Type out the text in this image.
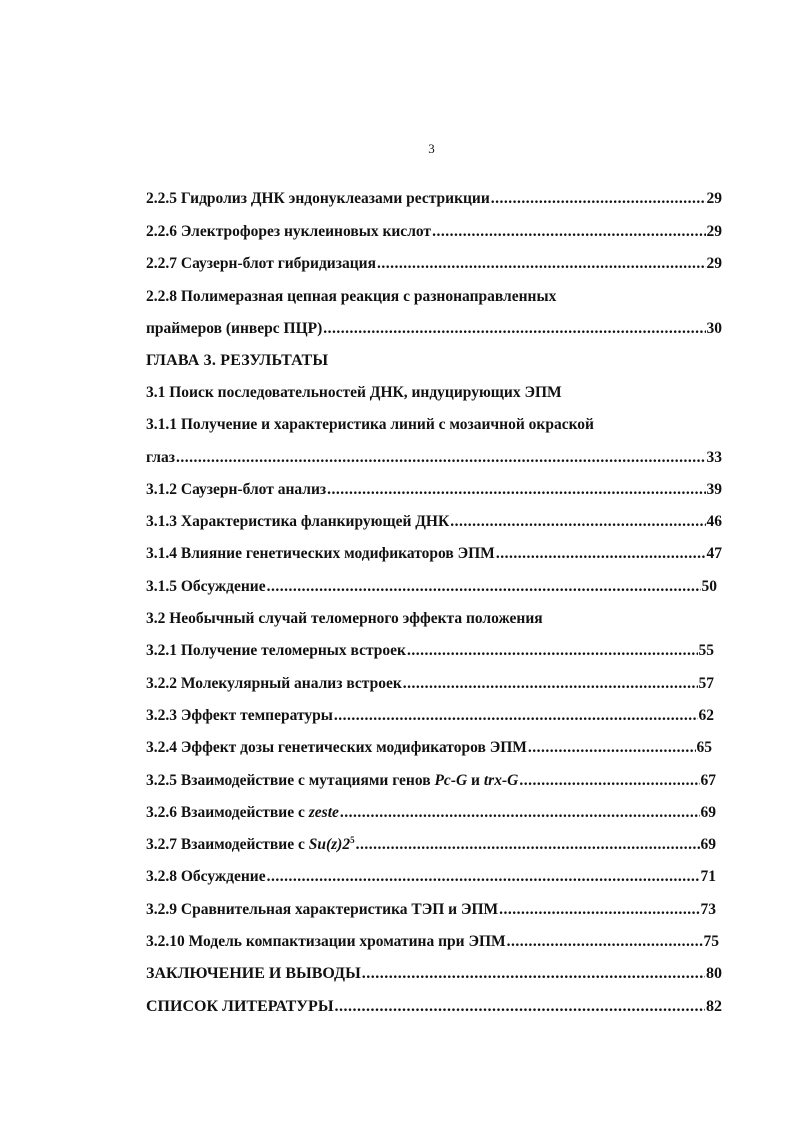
3
2.2.5 Гидролиз ДНК эндонуклеазами рестрикции .....	29
2.2.6 Электрофорез нуклеиновых кислот .....	29
2.2.7 Саузерн-блот гибридизация .....	29
2.2.8 Полимеразная цепная реакция с разнонаправленных
праймеров (инверс ПЦР) .....	30
ГЛАВА 3. РЕЗУЛЬТАТЫ
3.1 Поиск последовательностей ДНК, индуцирующих ЭПМ
3.1.1 Получение и характеристика линий с мозаичной окраской
глаз .....	33
3.1.2 Саузерн-блот анализ .....	39
3.1.3 Характеристика фланкирующей ДНК .....	46
3.1.4 Влияние генетических модификаторов ЭПМ .....	47
3.1.5 Обсуждение .....	50
3.2 Необычный случай теломерного эффекта положения
3.2.1 Получение теломерных встроек .....	55
3.2.2 Молекулярный анализ встроек .....	57
3.2.3 Эффект температуры .....	62
3.2.4 Эффект дозы генетических модификаторов ЭПМ .....	65
3.2.5 Взаимодействие с мутациями генов Pc-G и trx-G .....	67
3.2.6 Взаимодействие с zeste .....	69
3.2.7 Взаимодействие с $Su(z)2^5$ .....	69
3.2.8 Обсуждение .....	71
3.2.9 Сравнительная характеристика ТЭП и ЭПМ .....	73
3.2.10 Модель компактизации хроматина при ЭПМ .....	75
ЗАКЛЮЧЕНИЕ И ВЫВОДЫ .....	80
СПИСОК ЛИТЕРАТУРЫ .....	82
